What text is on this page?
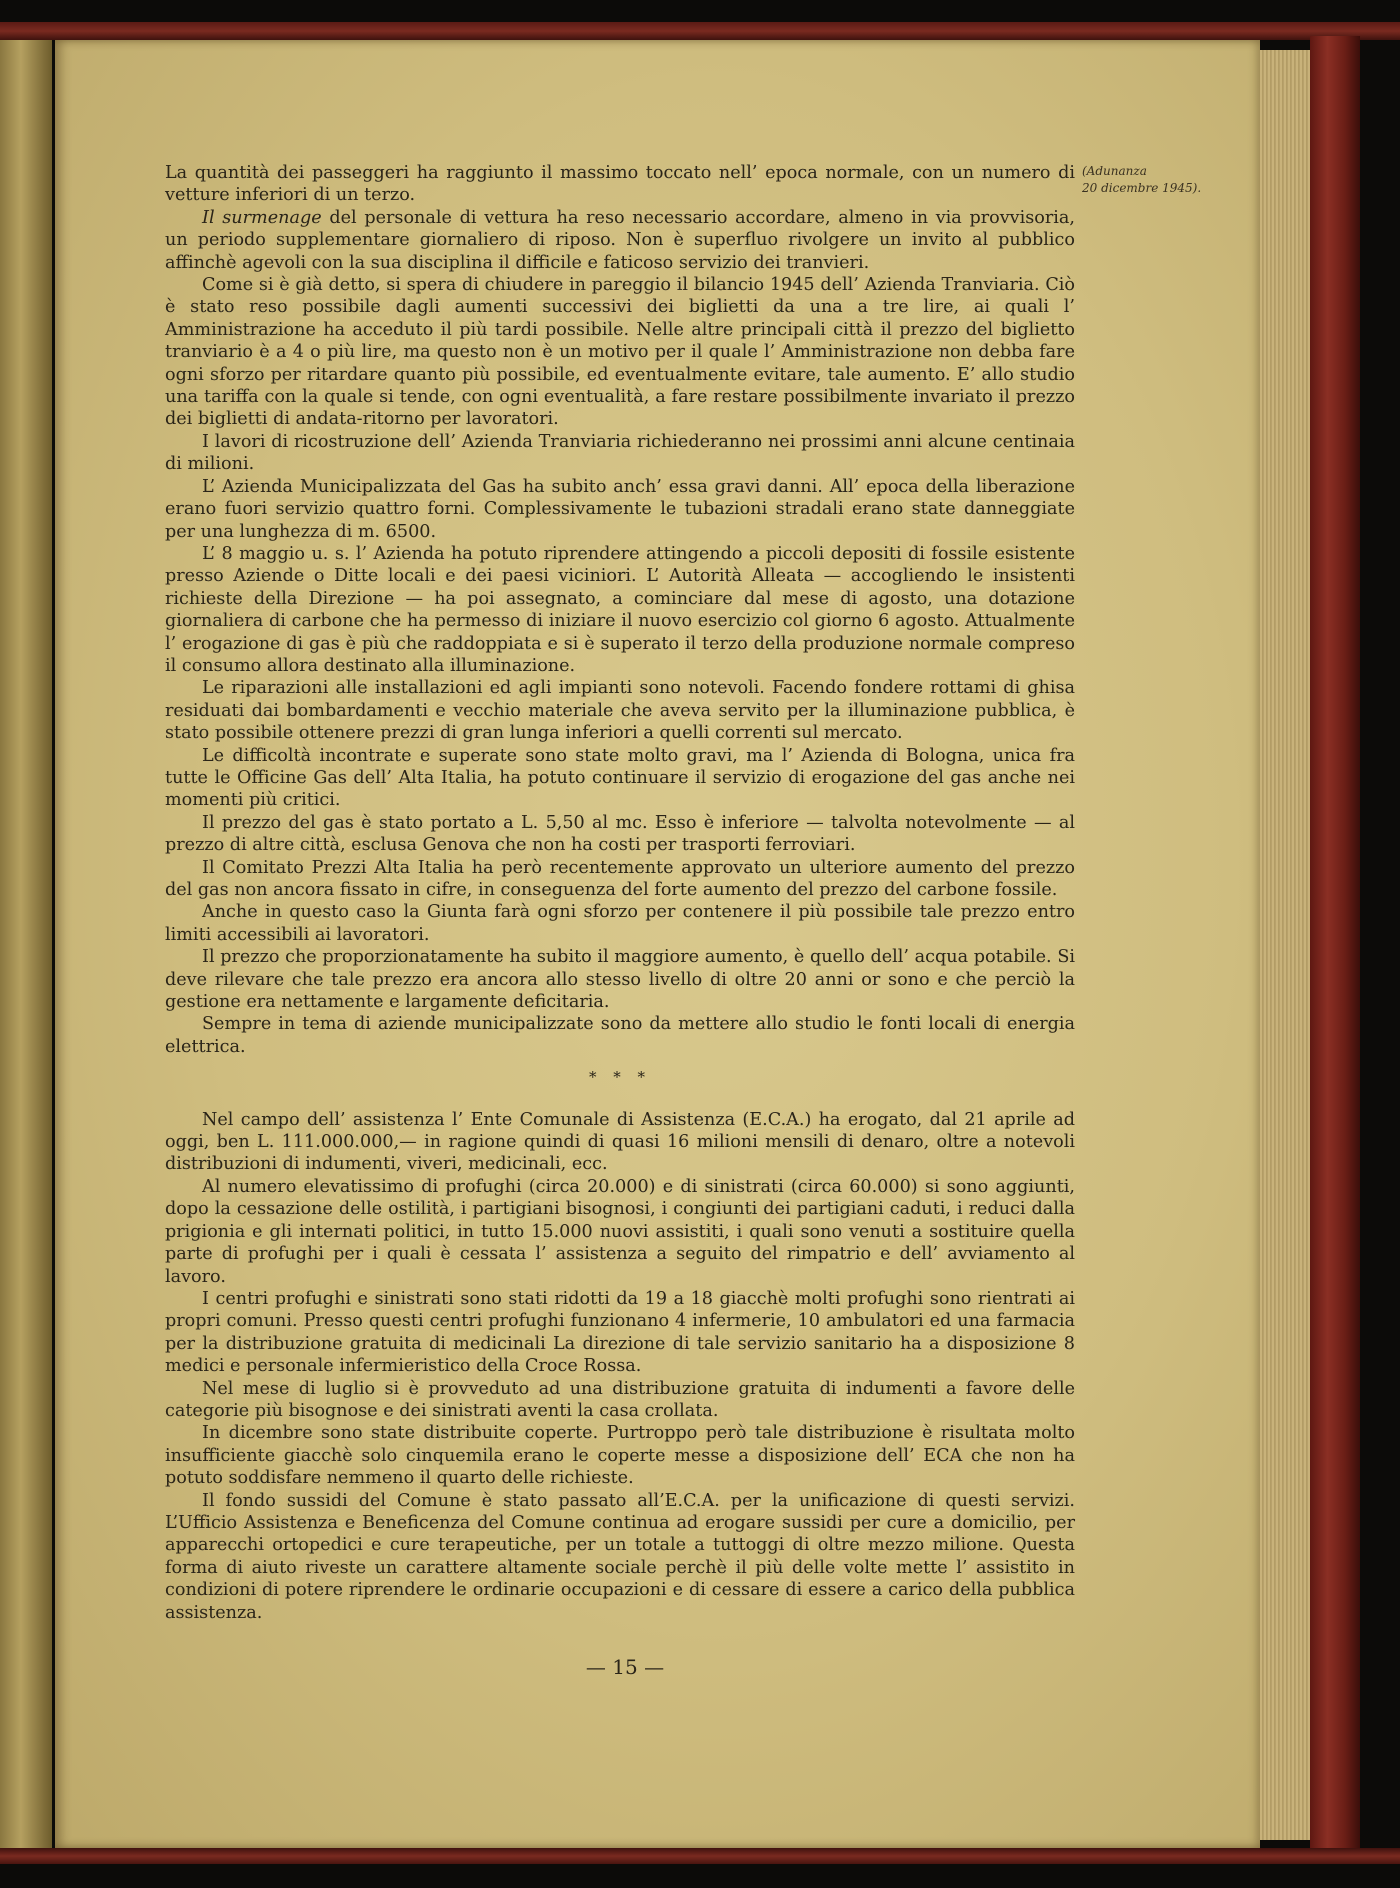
(Adunanza
20 dicembre 1945).

La quantità dei passeggeri ha raggiunto il massimo toccato nell’ epoca normale, con un numero di vetture inferiori di un terzo.

Il surmenage del personale di vettura ha reso necessario accordare, almeno in via provvisoria, un periodo supplementare giornaliero di riposo. Non è superfluo rivolgere un invito al pubblico affinchè agevoli con la sua disciplina il difficile e faticoso servizio dei tranvieri.

Come si è già detto, si spera di chiudere in pareggio il bilancio 1945 dell’ Azienda Tranviaria. Ciò è stato reso possibile dagli aumenti successivi dei biglietti da una a tre lire, ai quali l’ Amministrazione ha acceduto il più tardi possibile. Nelle altre principali città il prezzo del biglietto tranviario è a 4 o più lire, ma questo non è un motivo per il quale l’ Amministrazione non debba fare ogni sforzo per ritardare quanto più possibile, ed eventualmente evitare, tale aumento. E’ allo studio una tariffa con la quale si tende, con ogni eventualità, a fare restare possibilmente invariato il prezzo dei biglietti di andata-ritorno per lavoratori.

I lavori di ricostruzione dell’ Azienda Tranviaria richiederanno nei prossimi anni alcune centinaia di milioni.

L’ Azienda Municipalizzata del Gas ha subito anch’ essa gravi danni. All’ epoca della liberazione erano fuori servizio quattro forni. Complessivamente le tubazioni stradali erano state danneggiate per una lunghezza di m. 6500.

L’ 8 maggio u. s. l’ Azienda ha potuto riprendere attingendo a piccoli depositi di fossile esistente presso Aziende o Ditte locali e dei paesi viciniori. L’ Autorità Alleata — accogliendo le insistenti richieste della Direzione — ha poi assegnato, a cominciare dal mese di agosto, una dotazione giornaliera di carbone che ha permesso di iniziare il nuovo esercizio col giorno 6 agosto. Attualmente l’ erogazione di gas è più che raddoppiata e si è superato il terzo della produzione normale compreso il consumo allora destinato alla illuminazione.

Le riparazioni alle installazioni ed agli impianti sono notevoli. Facendo fondere rottami di ghisa residuati dai bombardamenti e vecchio materiale che aveva servito per la illuminazione pubblica, è stato possibile ottenere prezzi di gran lunga inferiori a quelli correnti sul mercato.

Le difficoltà incontrate e superate sono state molto gravi, ma l’ Azienda di Bologna, unica fra tutte le Officine Gas dell’ Alta Italia, ha potuto continuare il servizio di erogazione del gas anche nei momenti più critici.

Il prezzo del gas è stato portato a L. 5,50 al mc. Esso è inferiore — talvolta notevolmente — al prezzo di altre città, esclusa Genova che non ha costi per trasporti ferroviari.

Il Comitato Prezzi Alta Italia ha però recentemente approvato un ulteriore aumento del prezzo del gas non ancora fissato in cifre, in conseguenza del forte aumento del prezzo del carbone fossile.

Anche in questo caso la Giunta farà ogni sforzo per contenere il più possibile tale prezzo entro limiti accessibili ai lavoratori.

Il prezzo che proporzionatamente ha subito il maggiore aumento, è quello dell’ acqua potabile. Si deve rilevare che tale prezzo era ancora allo stesso livello di oltre 20 anni or sono e che perciò la gestione era nettamente e largamente deficitaria.

Sempre in tema di aziende municipalizzate sono da mettere allo studio le fonti locali di energia elettrica.

* * *

Nel campo dell’ assistenza l’ Ente Comunale di Assistenza (E.C.A.) ha erogato, dal 21 aprile ad oggi, ben L. 111.000.000,— in ragione quindi di quasi 16 milioni mensili di denaro, oltre a notevoli distribuzioni di indumenti, viveri, medicinali, ecc.

Al numero elevatissimo di profughi (circa 20.000) e di sinistrati (circa 60.000) si sono aggiunti, dopo la cessazione delle ostilità, i partigiani bisognosi, i congiunti dei partigiani caduti, i reduci dalla prigionia e gli internati politici, in tutto 15.000 nuovi assistiti, i quali sono venuti a sostituire quella parte di profughi per i quali è cessata l’ assistenza a seguito del rimpatrio e dell’ avviamento al lavoro.

I centri profughi e sinistrati sono stati ridotti da 19 a 18 giacchè molti profughi sono rientrati ai propri comuni. Presso questi centri profughi funzionano 4 infermerie, 10 ambulatori ed una farmacia per la distribuzione gratuita di medicinali La direzione di tale servizio sanitario ha a disposizione 8 medici e personale infermieristico della Croce Rossa.

Nel mese di luglio si è provveduto ad una distribuzione gratuita di indumenti a favore delle categorie più bisognose e dei sinistrati aventi la casa crollata.

In dicembre sono state distribuite coperte. Purtroppo però tale distribuzione è risultata molto insufficiente giacchè solo cinquemila erano le coperte messe a disposizione dell’ ECA che non ha potuto soddisfare nemmeno il quarto delle richieste.

Il fondo sussidi del Comune è stato passato all’E.C.A. per la unificazione di questi servizi. L’Ufficio Assistenza e Beneficenza del Comune continua ad erogare sussidi per cure a domicilio, per apparecchi ortopedici e cure terapeutiche, per un totale a tuttoggi di oltre mezzo milione. Questa forma di aiuto riveste un carattere altamente sociale perchè il più delle volte mette l’ assistito in condizioni di potere riprendere le ordinarie occupazioni e di cessare di essere a carico della pubblica assistenza.

— 15 —
